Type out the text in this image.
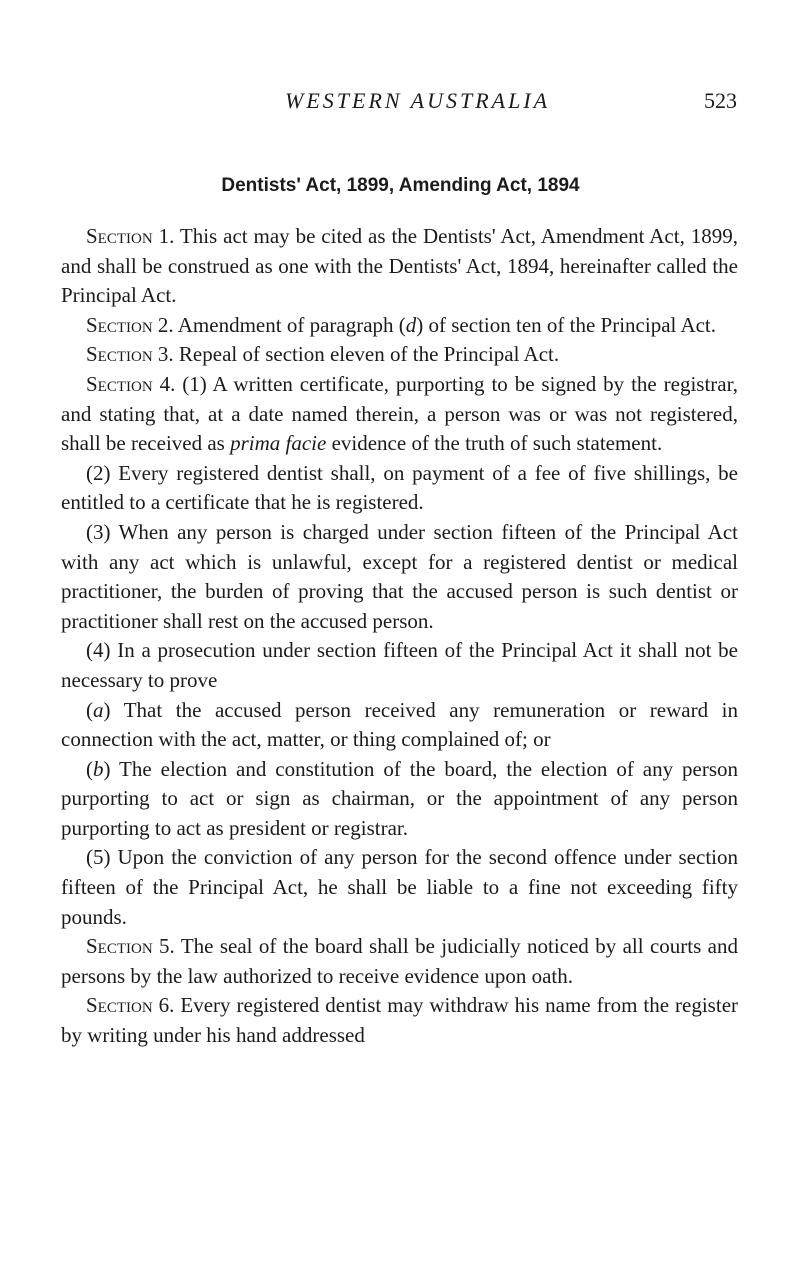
WESTERN AUSTRALIA	523
Dentists' Act, 1899, Amending Act, 1894

Section 1. This act may be cited as the Dentists' Act, Amendment Act, 1899, and shall be construed as one with the Dentists' Act, 1894, hereinafter called the Principal Act.

Section 2. Amendment of paragraph (d) of section ten of the Principal Act.

Section 3. Repeal of section eleven of the Principal Act.

Section 4. (1) A written certificate, purporting to be signed by the registrar, and stating that, at a date named therein, a person was or was not registered, shall be received as prima facie evidence of the truth of such statement.

(2) Every registered dentist shall, on payment of a fee of five shillings, be entitled to a certificate that he is registered.

(3) When any person is charged under section fifteen of the Principal Act with any act which is unlawful, except for a registered dentist or medical practitioner, the burden of proving that the accused person is such dentist or practitioner shall rest on the accused person.

(4) In a prosecution under section fifteen of the Principal Act it shall not be necessary to prove

(a) That the accused person received any remuneration or reward in connection with the act, matter, or thing complained of; or

(b) The election and constitution of the board, the election of any person purporting to act or sign as chairman, or the appointment of any person purporting to act as president or registrar.

(5) Upon the conviction of any person for the second offence under section fifteen of the Principal Act, he shall be liable to a fine not exceeding fifty pounds.

Section 5. The seal of the board shall be judicially noticed by all courts and persons by the law authorized to receive evidence upon oath.

Section 6. Every registered dentist may withdraw his name from the register by writing under his hand addressed
